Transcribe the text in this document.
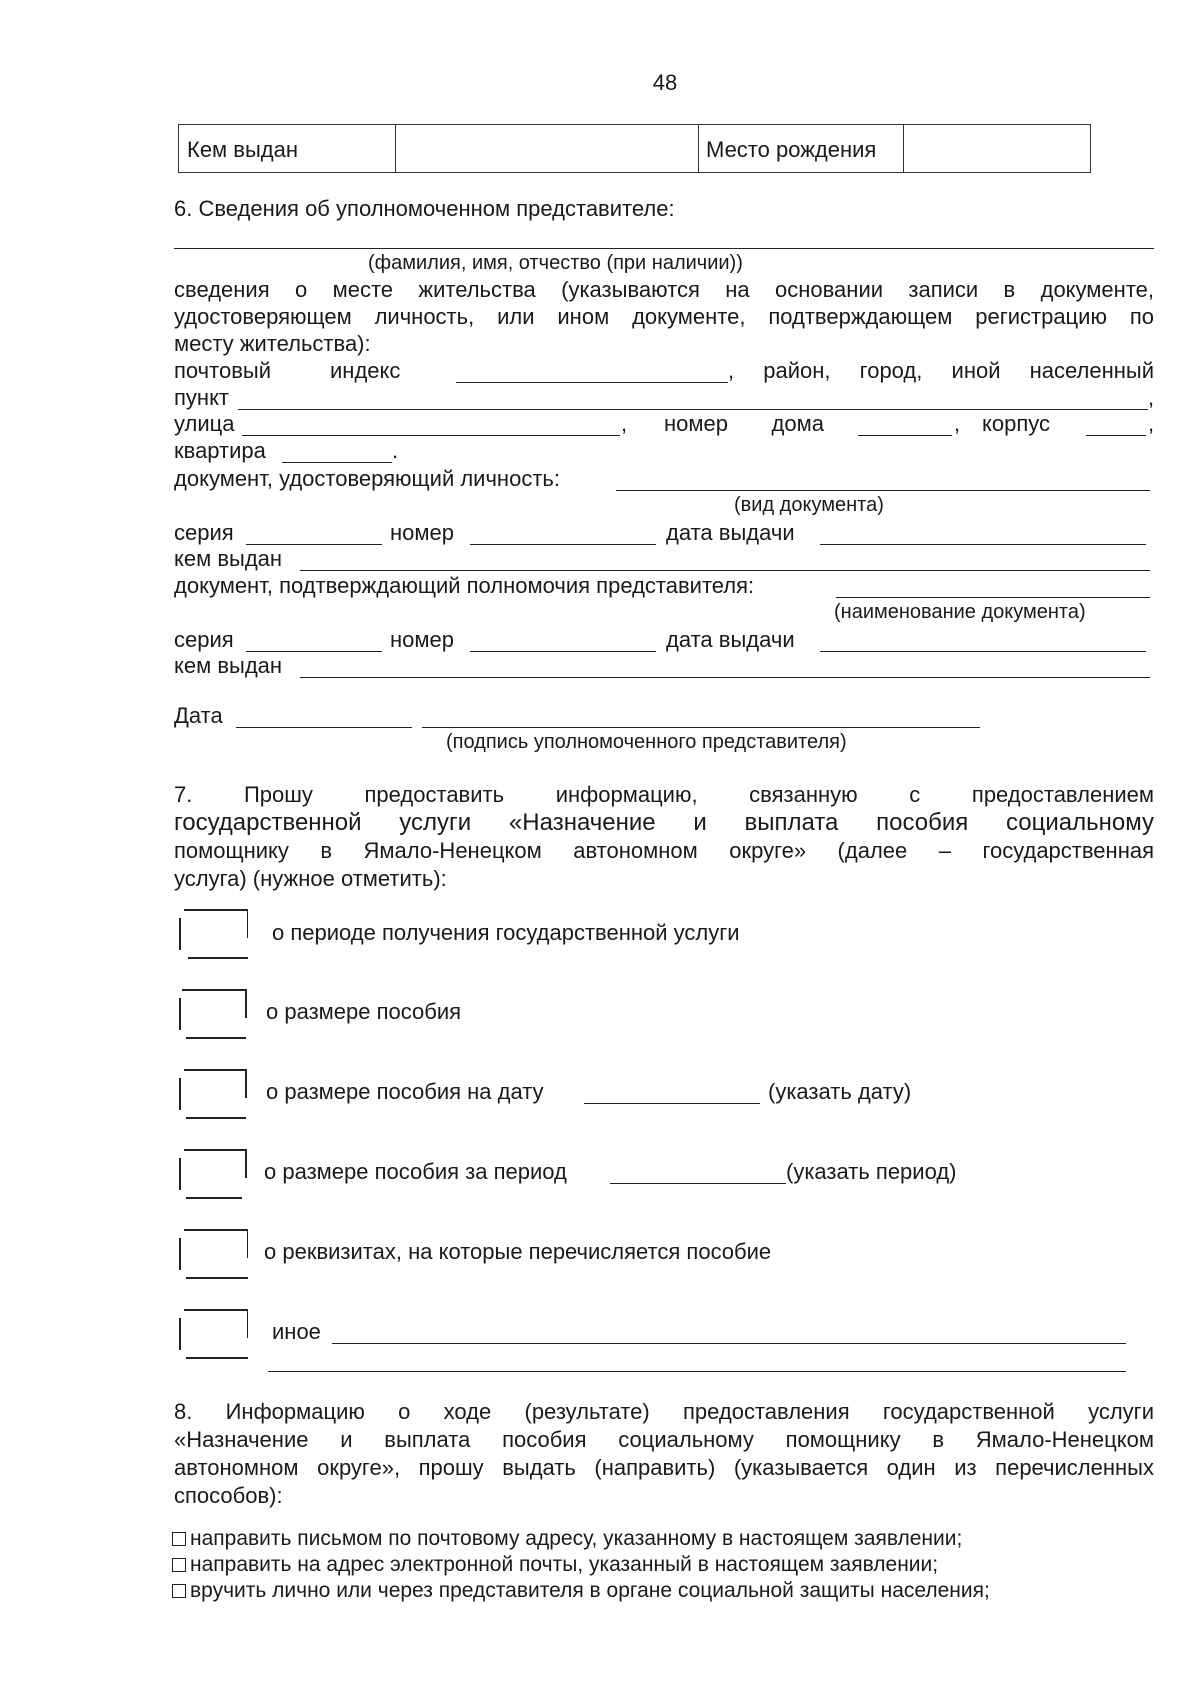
48
Кем выдан	Место рождения
6. Сведения об уполномоченном представителе:
(фамилия, имя, отчество (при наличии))
сведения о месте жительства (указываются на основании записи в документе,
удостоверяющем личность, или ином документе, подтверждающем регистрацию по
месту жительства):
почтовый	индекс	, район, город, иной населенный
пункт	,
улица	, номер дома	, корпус	,
квартира	.
документ, удостоверяющий личность:
(вид документа)
серия	номер	дата выдачи
кем выдан
документ, подтверждающий полномочия представителя:
(наименование документа)
серия	номер	дата выдачи
кем выдан
Дата
(подпись уполномоченного представителя)
7. Прошу предоставить информацию, связанную с предоставлением
государственной услуги «Назначение и выплата пособия социальному
помощнику в Ямало-Ненецком автономном округе» (далее – государственная
услуга) (нужное отметить):
о периоде получения государственной услуги
о размере пособия
о размере пособия на дату	(указать дату)
о размере пособия за период	(указать период)
о реквизитах, на которые перечисляется пособие
иное
8. Информацию о ходе (результате) предоставления государственной услуги
«Назначение и выплата пособия социальному помощнику в Ямало-Ненецком
автономном округе», прошу выдать (направить) (указывается один из перечисленных
способов):
направить письмом по почтовому адресу, указанному в настоящем заявлении;
направить на адрес электронной почты, указанный в настоящем заявлении;
вручить лично или через представителя в органе социальной защиты населения;
